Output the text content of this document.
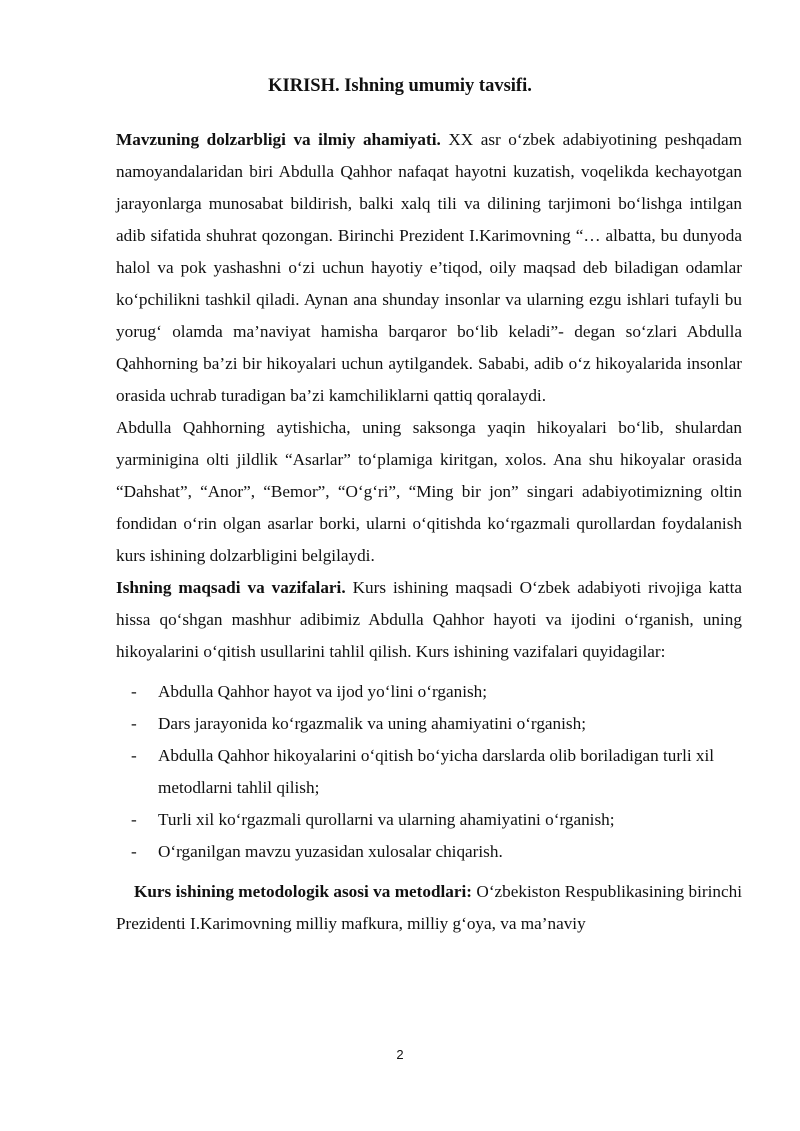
KIRISH. Ishning umumiy tavsifi.

Mavzuning dolzarbligi va ilmiy ahamiyati. XX asr o‘zbek adabiyotining peshqadam namoyandalaridan biri Abdulla Qahhor nafaqat hayotni kuzatish, voqelikda kechayotgan jarayonlarga munosabat bildirish, balki xalq tili va dilining tarjimoni bo‘lishga intilgan adib sifatida shuhrat qozongan. Birinchi Prezident I.Karimovning “… albatta, bu dunyoda halol va pok yashashni o‘zi uchun hayotiy e’tiqod, oily maqsad deb biladigan odamlar ko‘pchilikni tashkil qiladi. Aynan ana shunday insonlar va ularning ezgu ishlari tufayli bu yorug‘ olamda ma’naviyat hamisha barqaror bo‘lib keladi”- degan so‘zlari Abdulla Qahhorning ba’zi bir hikoyalari uchun aytilgandek. Sababi, adib o‘z hikoyalarida insonlar orasida uchrab turadigan ba’zi kamchiliklarni qattiq qoralaydi.

Abdulla Qahhorning aytishicha, uning saksonga yaqin hikoyalari bo‘lib, shulardan yarminigina olti jildlik “Asarlar” to‘plamiga kiritgan, xolos. Ana shu hikoyalar orasida “Dahshat”, “Anor”, “Bemor”, “O‘g‘ri”, “Ming bir jon” singari adabiyotimizning oltin fondidan o‘rin olgan asarlar borki, ularni o‘qitishda ko‘rgazmali qurollardan foydalanish kurs ishining dolzarbligini belgilaydi.

Ishning maqsadi va vazifalari. Kurs ishining maqsadi O‘zbek adabiyoti rivojiga katta hissa qo‘shgan mashhur adibimiz Abdulla Qahhor hayoti va ijodini o‘rganish, uning hikoyalarini o‘qitish usullarini tahlil qilish. Kurs ishining vazifalari quyidagilar:

- Abdulla Qahhor hayot va ijod yo‘lini o‘rganish;
- Dars jarayonida ko‘rgazmalik va uning ahamiyatini o‘rganish;
- Abdulla Qahhor hikoyalarini o‘qitish bo‘yicha darslarda olib boriladigan turli xil metodlarni tahlil qilish;
- Turli xil ko‘rgazmali qurollarni va ularning ahamiyatini o‘rganish;
- O‘rganilgan mavzu yuzasidan xulosalar chiqarish.

Kurs ishining metodologik asosi va metodlari: O‘zbekiston Respublikasining birinchi Prezidenti I.Karimovning milliy mafkura, milliy g‘oya, va ma’naviy

2
